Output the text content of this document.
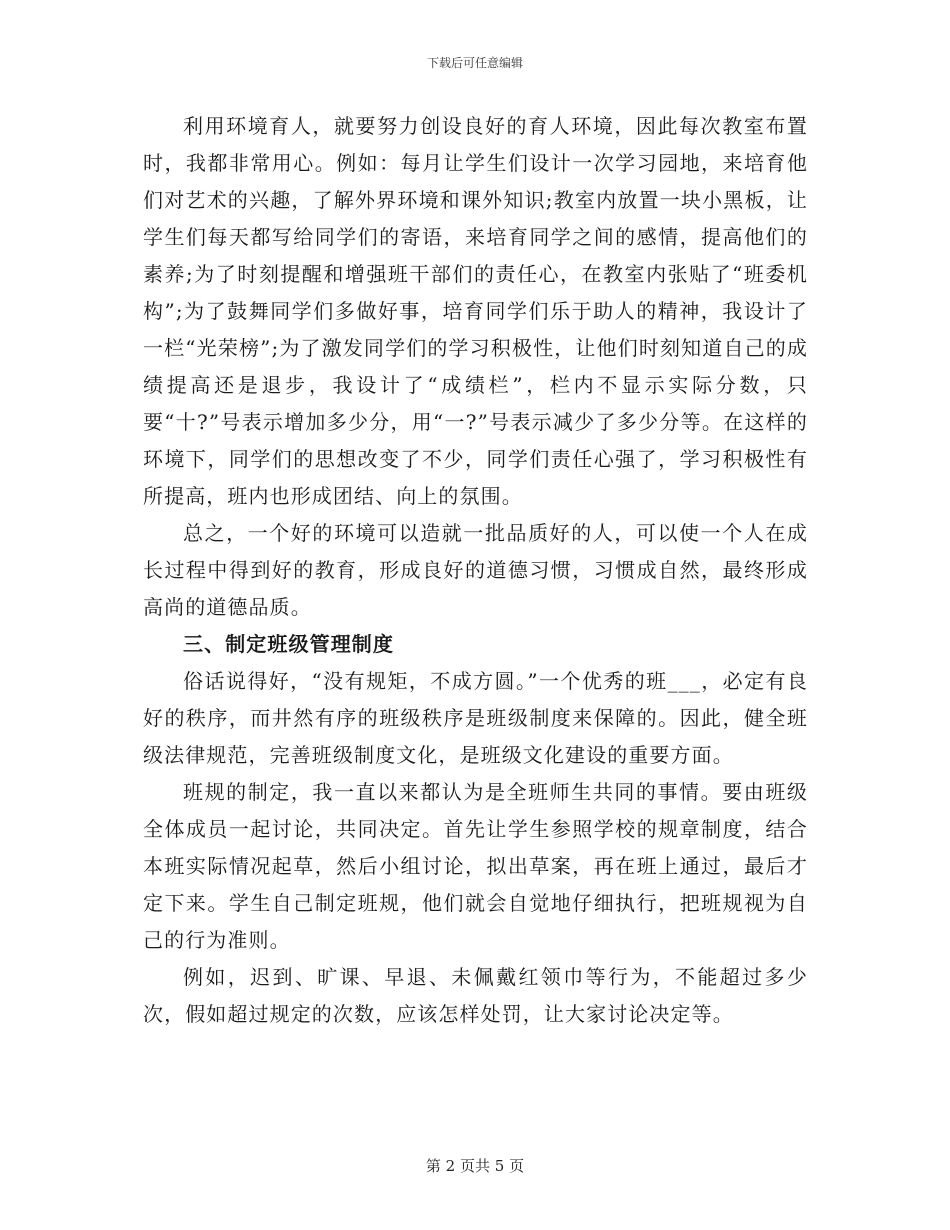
下载后可任意编辑

利用环境育人，就要努力创设良好的育人环境，因此每次教室布置时，我都非常用心。例如：每月让学生们设计一次学习园地，来培育他们对艺术的兴趣，了解外界环境和课外知识;教室内放置一块小黑板，让学生们每天都写给同学们的寄语，来培育同学之间的感情，提高他们的素养;为了时刻提醒和增强班干部们的责任心，在教室内张贴了“班委机构”;为了鼓舞同学们多做好事，培育同学们乐于助人的精神，我设计了一栏“光荣榜”;为了激发同学们的学习积极性，让他们时刻知道自己的成绩提高还是退步，我设计了“成绩栏”，栏内不显示实际分数，只要“十?”号表示增加多少分，用“一?”号表示减少了多少分等。在这样的环境下，同学们的思想改变了不少，同学们责任心强了，学习积极性有所提高，班内也形成团结、向上的氛围。

总之，一个好的环境可以造就一批品质好的人，可以使一个人在成长过程中得到好的教育，形成良好的道德习惯，习惯成自然，最终形成高尚的道德品质。

三、制定班级管理制度

俗话说得好，“没有规矩，不成方圆。”一个优秀的班___，必定有良好的秩序，而井然有序的班级秩序是班级制度来保障的。因此，健全班级法律规范，完善班级制度文化，是班级文化建设的重要方面。

班规的制定，我一直以来都认为是全班师生共同的事情。要由班级全体成员一起讨论，共同决定。首先让学生参照学校的规章制度，结合本班实际情况起草，然后小组讨论，拟出草案，再在班上通过，最后才定下来。学生自己制定班规，他们就会自觉地仔细执行，把班规视为自己的行为准则。

例如，迟到、旷课、早退、未佩戴红领巾等行为，不能超过多少次，假如超过规定的次数，应该怎样处罚，让大家讨论决定等。

第 2 页共 5 页
